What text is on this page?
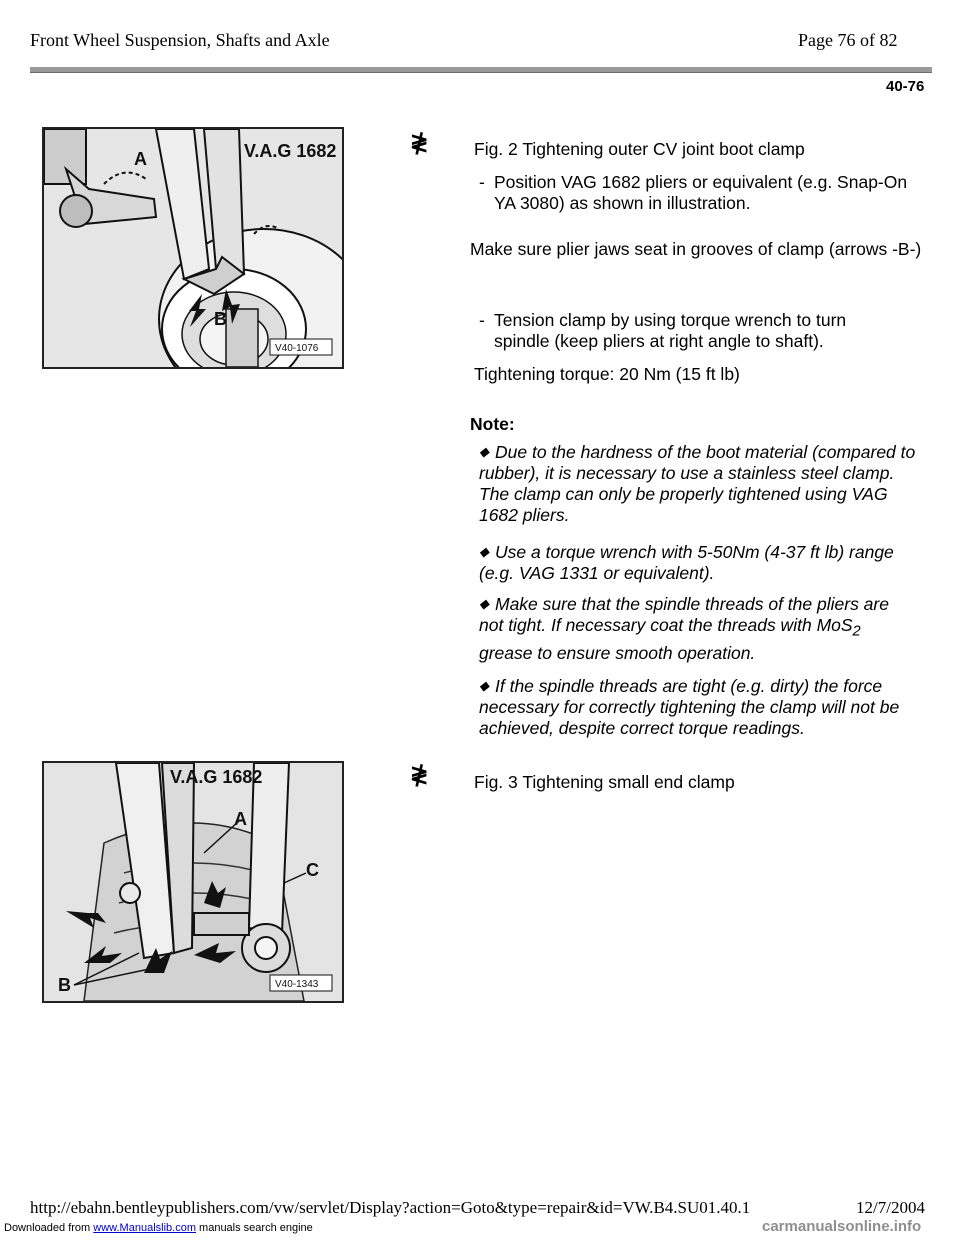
Front Wheel Suspension, Shafts and Axle	Page 76 of 82
40-76
A	V.A.G 1682
B
V40-1076
≹	Fig. 2 Tightening outer CV joint boot clamp
- Position VAG 1682 pliers or equivalent (e.g. Snap-On YA 3080) as shown in illustration.
Make sure plier jaws seat in grooves of clamp (arrows -B-)
- Tension clamp by using torque wrench to turn spindle (keep pliers at right angle to shaft).
Tightening torque: 20 Nm (15 ft lb)
Note:
◆ Due to the hardness of the boot material (compared to rubber), it is necessary to use a stainless steel clamp. The clamp can only be properly tightened using VAG 1682 pliers.
◆ Use a torque wrench with 5-50Nm (4-37 ft lb) range (e.g. VAG 1331 or equivalent).
◆ Make sure that the spindle threads of the pliers are not tight. If necessary coat the threads with MoS$_2$ grease to ensure smooth operation.
◆ If the spindle threads are tight (e.g. dirty) the force necessary for correctly tightening the clamp will not be achieved, despite correct torque readings.
V.A.G 1682
A
C
B	V40-1343
≹	Fig. 3 Tightening small end clamp
http://ebahn.bentleypublishers.com/vw/servlet/Display?action=Goto&type=repair&id=VW.B4.SU01.40.1	12/7/2004
Downloaded from www.Manualslib.com manuals search engine	carmanualsonline.info
